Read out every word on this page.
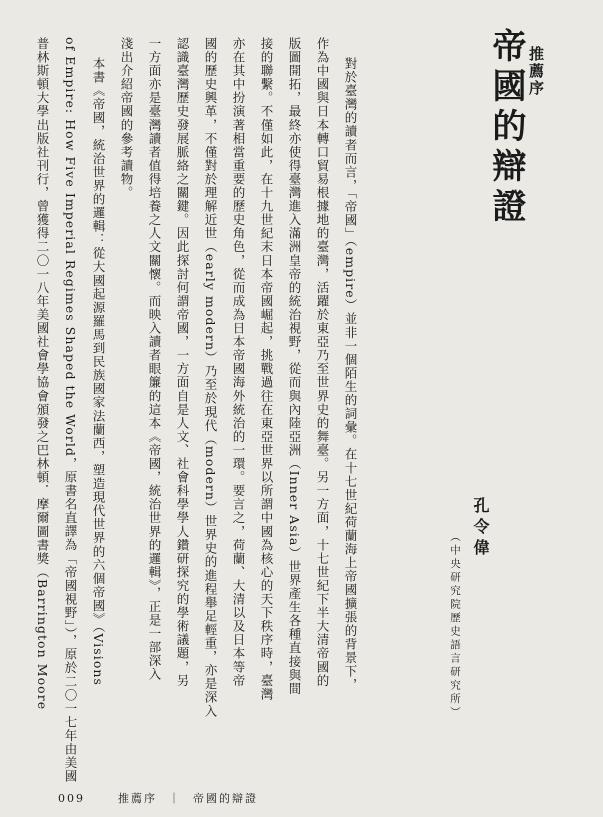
推薦序
帝國的辯證
孔令偉
（中央研究院歷史語言研究所）
對於臺灣的讀者而言，「帝國」（empire）並非一個陌生的詞彙。在十七世紀荷蘭海上帝國擴張的背景下，
作為中國與日本轉口貿易根據地的臺灣，活躍於東亞乃至世界史的舞臺。另一方面，十七世紀下半大清帝國的
版圖開拓，最終亦使得臺灣進入滿洲皇帝的統治視野，從而與內陸亞洲（Inner Asia）世界產生各種直接與間
接的聯繫。不僅如此，在十九世紀末日本帝國崛起，挑戰過往在東亞世界以所謂中國為核心的天下秩序時，臺灣
亦在其中扮演著相當重要的歷史角色，從而成為日本帝國海外統治的一環。要言之，荷蘭、大清以及日本等帝
國的歷史興革，不僅對於理解近世（early modern）乃至於現代（modern）世界史的進程舉足輕重，亦是深入
認識臺灣歷史發展脈絡之關鍵。因此探討何謂帝國，一方面自是人文、社會科學學人鑽研探究的學術議題，另
一方面亦是臺灣讀者值得培養之人文關懷。而映入讀者眼簾的這本《帝國，統治世界的邏輯》，正是一部深入
淺出介紹帝國的參考讀物。
本書《帝國，統治世界的邏輯：從大國起源羅馬到民族國家法蘭西，塑造現代世界的六個帝國》（Visions
of Empire: How Five Imperial Regimes Shaped the World，原書名直譯為「帝國視野」），原於二〇一七年由美國
普林斯頓大學出版社刊行，曾獲得二〇一八年美國社會學協會頒發之巴林頓．摩爾圖書獎（Barrington Moore
009	推薦序 ｜ 帝國的辯證
